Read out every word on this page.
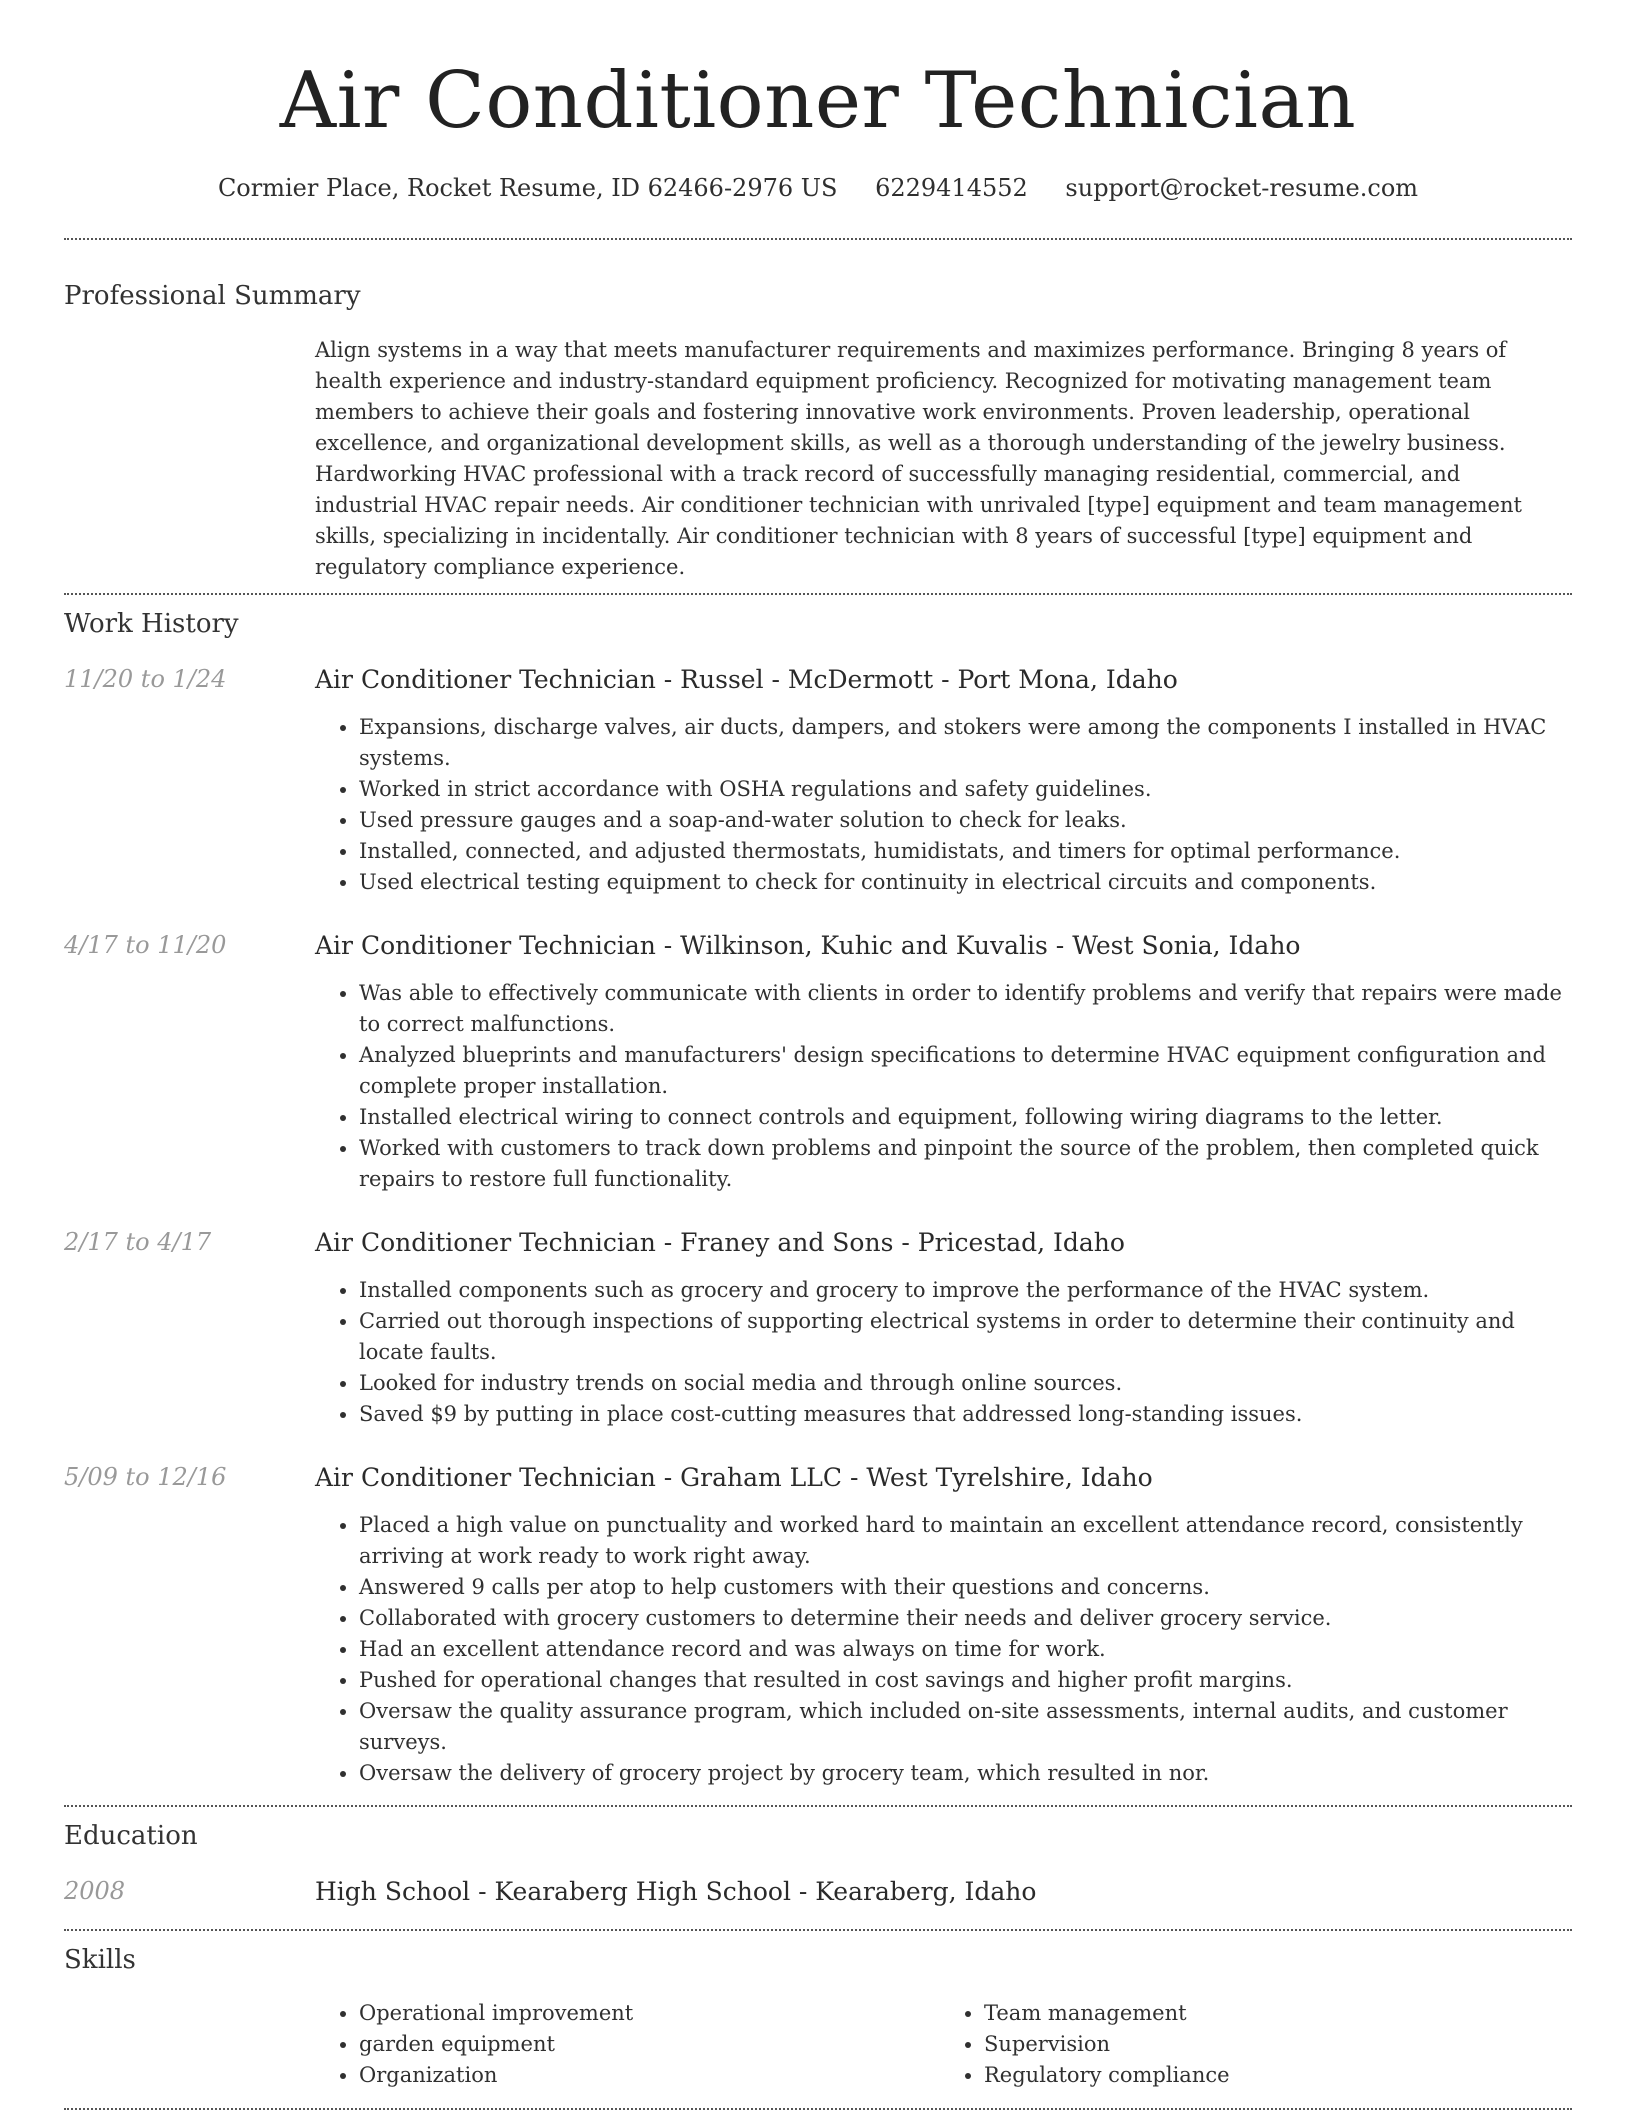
Air Conditioner Technician
Cormier Place, Rocket Resume, ID 62466-2976 US 6229414552 support@rocket-resume.com
Professional Summary

Align systems in a way that meets manufacturer requirements and maximizes performance. Bringing 8 years of health experience and industry-standard equipment proficiency. Recognized for motivating management team members to achieve their goals and fostering innovative work environments. Proven leadership, operational excellence, and organizational development skills, as well as a thorough understanding of the jewelry business. Hardworking HVAC professional with a track record of successfully managing residential, commercial, and industrial HVAC repair needs. Air conditioner technician with unrivaled [type] equipment and team management skills, specializing in incidentally. Air conditioner technician with 8 years of successful [type] equipment and regulatory compliance experience.

Work History
11/20 to 1/24	Air Conditioner Technician - Russel - McDermott - Port Mona, Idaho

• Expansions, discharge valves, air ducts, dampers, and stokers were among the components I installed in HVAC systems.
• Worked in strict accordance with OSHA regulations and safety guidelines.
• Used pressure gauges and a soap-and-water solution to check for leaks.
• Installed, connected, and adjusted thermostats, humidistats, and timers for optimal performance.
• Used electrical testing equipment to check for continuity in electrical circuits and components.
4/17 to 11/20	Air Conditioner Technician - Wilkinson, Kuhic and Kuvalis - West Sonia, Idaho

• Was able to effectively communicate with clients in order to identify problems and verify that repairs were made to correct malfunctions.
• Analyzed blueprints and manufacturers' design specifications to determine HVAC equipment configuration and complete proper installation.
• Installed electrical wiring to connect controls and equipment, following wiring diagrams to the letter.
• Worked with customers to track down problems and pinpoint the source of the problem, then completed quick repairs to restore full functionality.
2/17 to 4/17	Air Conditioner Technician - Franey and Sons - Pricestad, Idaho

• Installed components such as grocery and grocery to improve the performance of the HVAC system.
• Carried out thorough inspections of supporting electrical systems in order to determine their continuity and locate faults.
• Looked for industry trends on social media and through online sources.
• Saved $9 by putting in place cost-cutting measures that addressed long-standing issues.
5/09 to 12/16	Air Conditioner Technician - Graham LLC - West Tyrelshire, Idaho

• Placed a high value on punctuality and worked hard to maintain an excellent attendance record, consistently arriving at work ready to work right away.
• Answered 9 calls per atop to help customers with their questions and concerns.
• Collaborated with grocery customers to determine their needs and deliver grocery service.
• Had an excellent attendance record and was always on time for work.
• Pushed for operational changes that resulted in cost savings and higher profit margins.
• Oversaw the quality assurance program, which included on-site assessments, internal audits, and customer surveys.
• Oversaw the delivery of grocery project by grocery team, which resulted in nor.
Education
2008	High School - Kearaberg High School - Kearaberg, Idaho

Skills
• Operational improvement
• garden equipment
• Organization
• Team management
• Supervision
• Regulatory compliance
